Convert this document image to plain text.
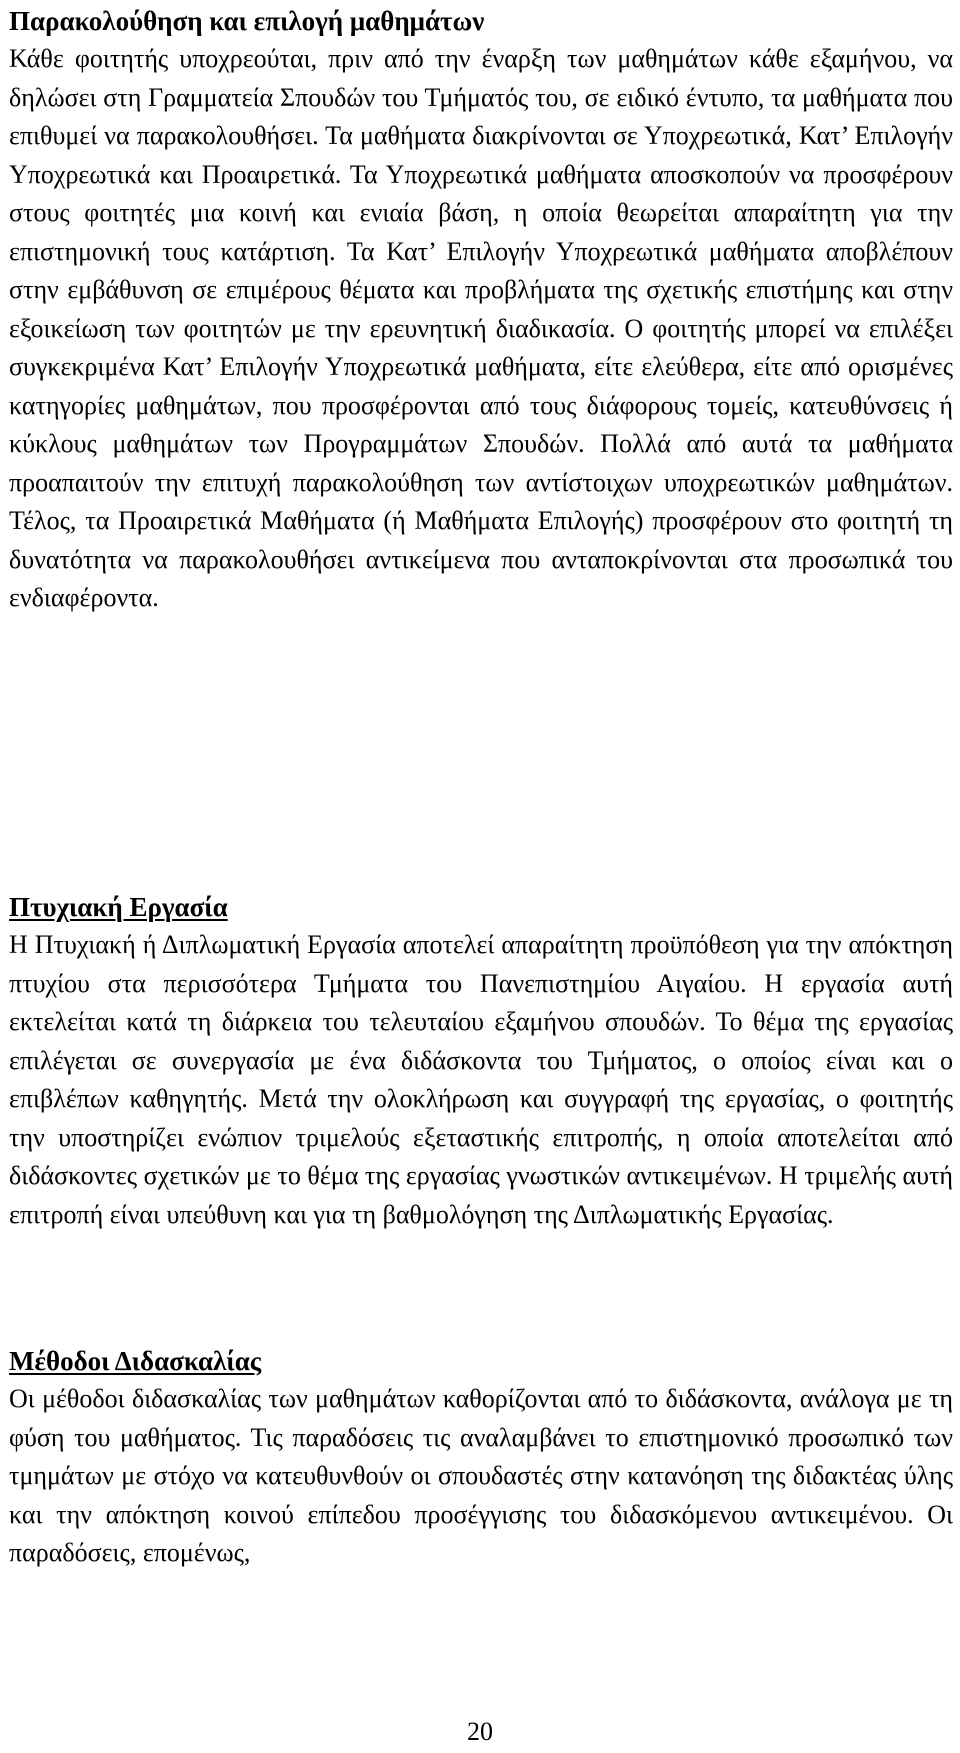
Παρακολούθηση και επιλογή μαθημάτων

Κάθε φοιτητής υποχρεούται, πριν από την έναρξη των μαθημάτων κάθε εξαμήνου, να δηλώσει στη Γραμματεία Σπουδών του Τμήματός του, σε ειδικό έντυπο, τα μαθήματα που επιθυμεί να παρακολουθήσει. Τα μαθήματα διακρίνονται σε Υποχρεωτικά, Κατ’ Επιλογήν Υποχρεωτικά και Προαιρετικά. Τα Υποχρεωτικά μαθήματα αποσκοπούν να προσφέρουν στους φοιτητές μια κοινή και ενιαία βάση, η οποία θεωρείται απαραίτητη για την επιστημονική τους κατάρτιση. Τα Κατ’ Επιλογήν Υποχρεωτικά μαθήματα αποβλέπουν στην εμβάθυνση σε επιμέρους θέματα και προβλήματα της σχετικής επιστήμης και στην εξοικείωση των φοιτητών με την ερευνητική διαδικασία. Ο φοιτητής μπορεί να επιλέξει συγκεκριμένα Κατ’ Επιλογήν Υποχρεωτικά μαθήματα, είτε ελεύθερα, είτε από ορισμένες κατηγορίες μαθημάτων, που προσφέρονται από τους διάφορους τομείς, κατευθύνσεις ή κύκλους μαθημάτων των Προγραμμάτων Σπουδών. Πολλά από αυτά τα μαθήματα προαπαιτούν την επιτυχή παρακολούθηση των αντίστοιχων υποχρεωτικών μαθημάτων. Τέλος, τα Προαιρετικά Μαθήματα (ή Μαθήματα Επιλογής) προσφέρουν στο φοιτητή τη δυνατότητα να παρακολουθήσει αντικείμενα που ανταποκρίνονται στα προσωπικά του ενδιαφέροντα.

Πτυχιακή Εργασία

Η Πτυχιακή ή Διπλωματική Εργασία αποτελεί απαραίτητη προϋπόθεση για την απόκτηση πτυχίου στα περισσότερα Τμήματα του Πανεπιστημίου Αιγαίου. Η εργασία αυτή εκτελείται κατά τη διάρκεια του τελευταίου εξαμήνου σπουδών. Το θέμα της εργασίας επιλέγεται σε συνεργασία με ένα διδάσκοντα του Τμήματος, ο οποίος είναι και ο επιβλέπων καθηγητής. Μετά την ολοκλήρωση και συγγραφή της εργασίας, ο φοιτητής την υποστηρίζει ενώπιον τριμελούς εξεταστικής επιτροπής, η οποία αποτελείται από διδάσκοντες σχετικών με το θέμα της εργασίας γνωστικών αντικειμένων. Η τριμελής αυτή επιτροπή είναι υπεύθυνη και για τη βαθμολόγηση της Διπλωματικής Εργασίας.

Μέθοδοι Διδασκαλίας

Οι μέθοδοι διδασκαλίας των μαθημάτων καθορίζονται από το διδάσκοντα, ανάλογα με τη φύση του μαθήματος. Τις παραδόσεις τις αναλαμβάνει το επιστημονικό προσωπικό των τμημάτων με στόχο να κατευθυνθούν οι σπουδαστές στην κατανόηση της διδακτέας ύλης και την απόκτηση κοινού επίπεδου προσέγγισης του διδασκόμενου αντικειμένου. Οι παραδόσεις, επομένως,

20
